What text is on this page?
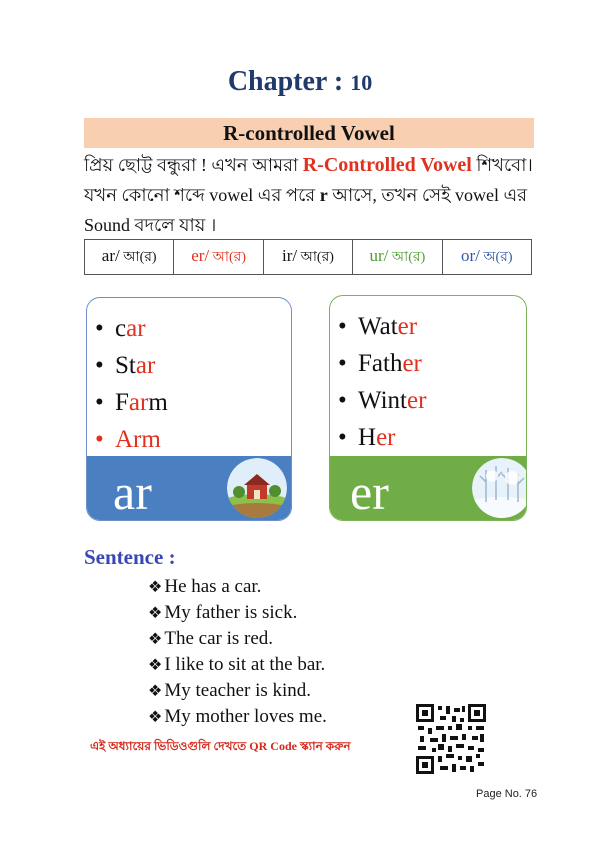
Chapter : 10
R-controlled Vowel
প্রিয় ছোট্ট বন্ধুরা ! এখন আমরা R-Controlled Vowel শিখবো। যখন কোনো শব্দে vowel এর পরে r আসে, তখন সেই vowel এর Sound বদলে যায় ।
ar/ আ(র)	er/ আ(র)	ir/ আ(র)	ur/ আ(র)	or/ অ(র)
• car
• Star
• Farm
• Arm
ar
• Water
• Father
• Winter
• Her
er
Sentence :
❖ He has a car.
❖ My father is sick.
❖ The car is red.
❖ I like to sit at the bar.
❖ My teacher is kind.
❖ My mother loves me.
এই অধ্যায়ের ভিডিওগুলি দেখতে QR Code স্ক্যান করুন
Page No. 76
